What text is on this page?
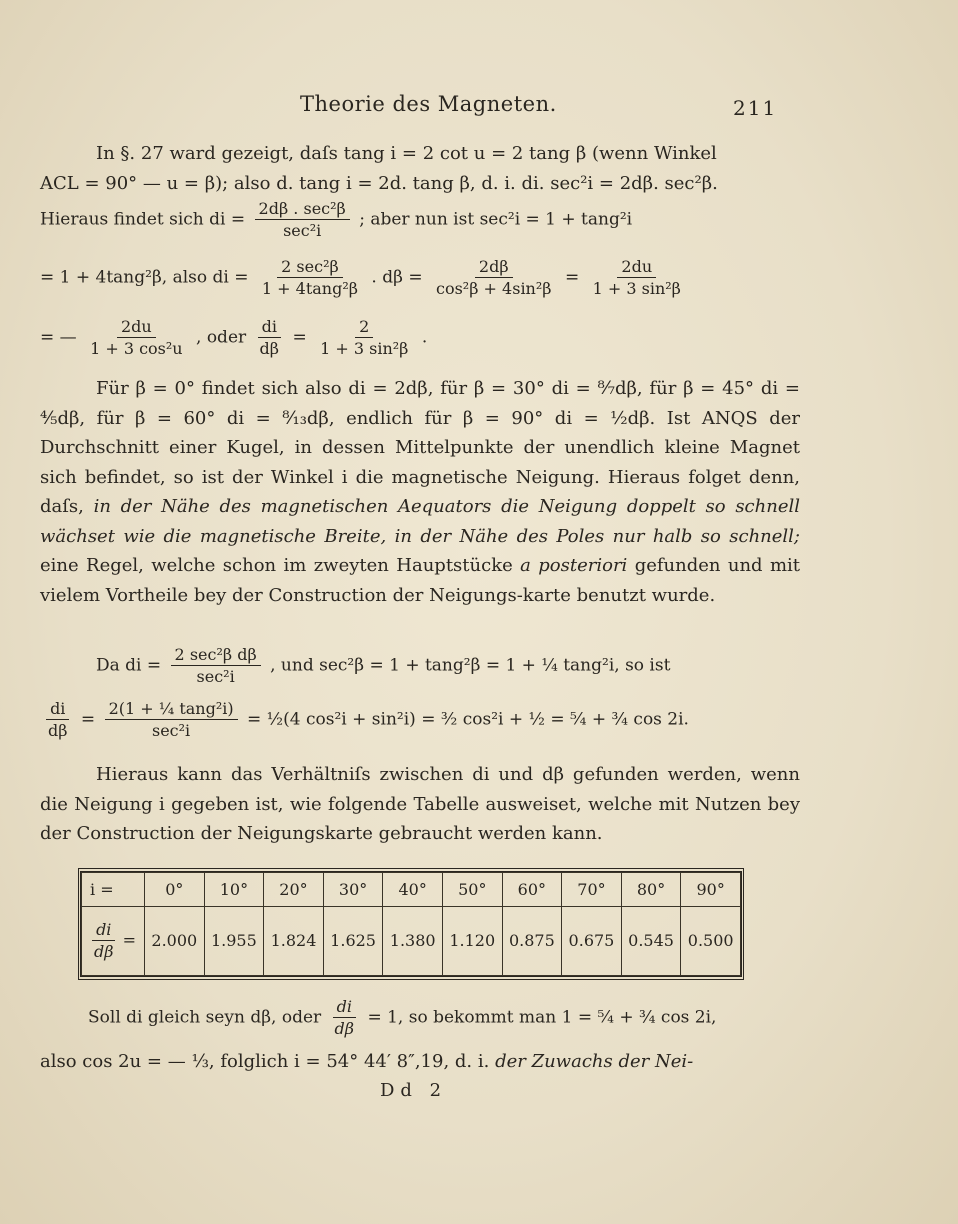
Theorie des Magneten.	211
In §. 27 ward gezeigt, daſs tang i = 2 cot u = 2 tang β (wenn Winkel
ACL = 90° — u = β); also d. tang i = 2d. tang β, d. i. di. sec²i = 2dβ. sec²β.
Hieraus findet sich di = $\frac{\text{2dβ . sec²β}}{\text{sec²i}}$ ; aber nun ist sec²i = 1 + tang²i
= 1 + 4tang²β, also di = $\frac{\text{2 sec²β}}{\text{1 + 4tang²β}}$ . $d\beta = \frac{2d\beta}{\text{cos²β + 4sin²β}} = \frac{2du}{\text{1 + 3 sin²β}}$
= — $\frac{2du}{\text{1 + 3 cos²u}}$ , oder $\frac{di}{d\beta} = \frac{2}{\text{1 + 3 sin²β}}$ .
Für β = 0° findet sich also di = 2dβ, für β = 30° di = ⁸⁄₇dβ, für β = 45° di = ⁴⁄₅dβ, für β = 60° di = ⁸⁄₁₃dβ, endlich für β = 90° di = ½dβ. Ist ANQS der Durchschnitt einer Kugel, in dessen Mittelpunkte der unendlich kleine Magnet sich befindet, so ist der Winkel i die magnetische Neigung. Hieraus folget denn, daſs, in der Nähe des magnetischen Aequators die Neigung doppelt so schnell wächset wie die magnetische Breite, in der Nähe des Poles nur halb so schnell; eine Regel, welche schon im zweyten Hauptstücke a posteriori gefunden und mit vielem Vortheile bey der Construction der Neigungs-karte benutzt wurde.
Da di = $\frac{\text{2 sec²β dβ}}{\text{sec²i}}$ , und sec²β = 1 + tang²β = 1 + ¼ tang²i, so ist
$\frac{di}{d\beta} = \frac{\text{2(1 + ¼ tang²i)}}{\text{sec²i}}$ = ½(4 cos²i + sin²i) = ³⁄₂ cos²i + ½ = ⁵⁄₄ + ¾ cos 2i.
Hieraus kann das Verhältniſs zwischen di und dβ gefunden werden, wenn die Neigung i gegeben ist, wie folgende Tabelle ausweiset, welche mit Nutzen bey der Construction der Neigungskarte gebraucht werden kann.
i =	0°	10°	20°	30°	40°	50°	60°	70°	80°	90°

$\frac{di}{d\beta}$ =	2.000	1.955	1.824	1.625	1.380	1.120	0.875	0.675	0.545	0.500
Soll di gleich seyn dβ, oder $\frac{di}{d\beta} = 1$, so bekommt man 1 = ⁵⁄₄ + ¾ cos 2i,
also cos 2u = — ⅓, folglich i = 54° 44′ 8″,19, d. i. der Zuwachs der Nei-
Dd 2
